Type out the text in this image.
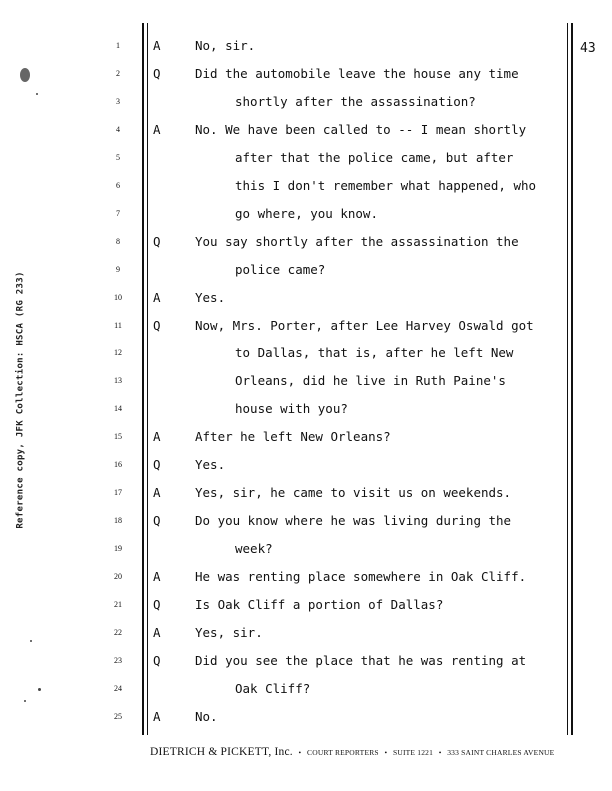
Reference copy, JFK Collection: HSCA (RG 233)
43
1	A	No, sir.
2	Q	Did the automobile leave the house any time
3	shortly after the assassination?
4	A	No. We have been called to -- I mean shortly
5	after that the police came, but after
6	this I don't remember what happened, who
7	go where, you know.
8	Q	You say shortly after the assassination the
9	police came?
10	A	Yes.
11	Q	Now, Mrs. Porter, after Lee Harvey Oswald got
12	to Dallas, that is, after he left New
13	Orleans, did he live in Ruth Paine's
14	house with you?
15	A	After he left New Orleans?
16	Q	Yes.
17	A	Yes, sir, he came to visit us on weekends.
18	Q	Do you know where he was living during the
19	week?
20	A	He was renting place somewhere in Oak Cliff.
21	Q	Is Oak Cliff a portion of Dallas?
22	A	Yes, sir.
23	Q	Did you see the place that he was renting at
24	Oak Cliff?
25	A	No.
DIETRICH & PICKETT, Inc. • COURT REPORTERS • SUITE 1221 • 333 SAINT CHARLES AVENUE
